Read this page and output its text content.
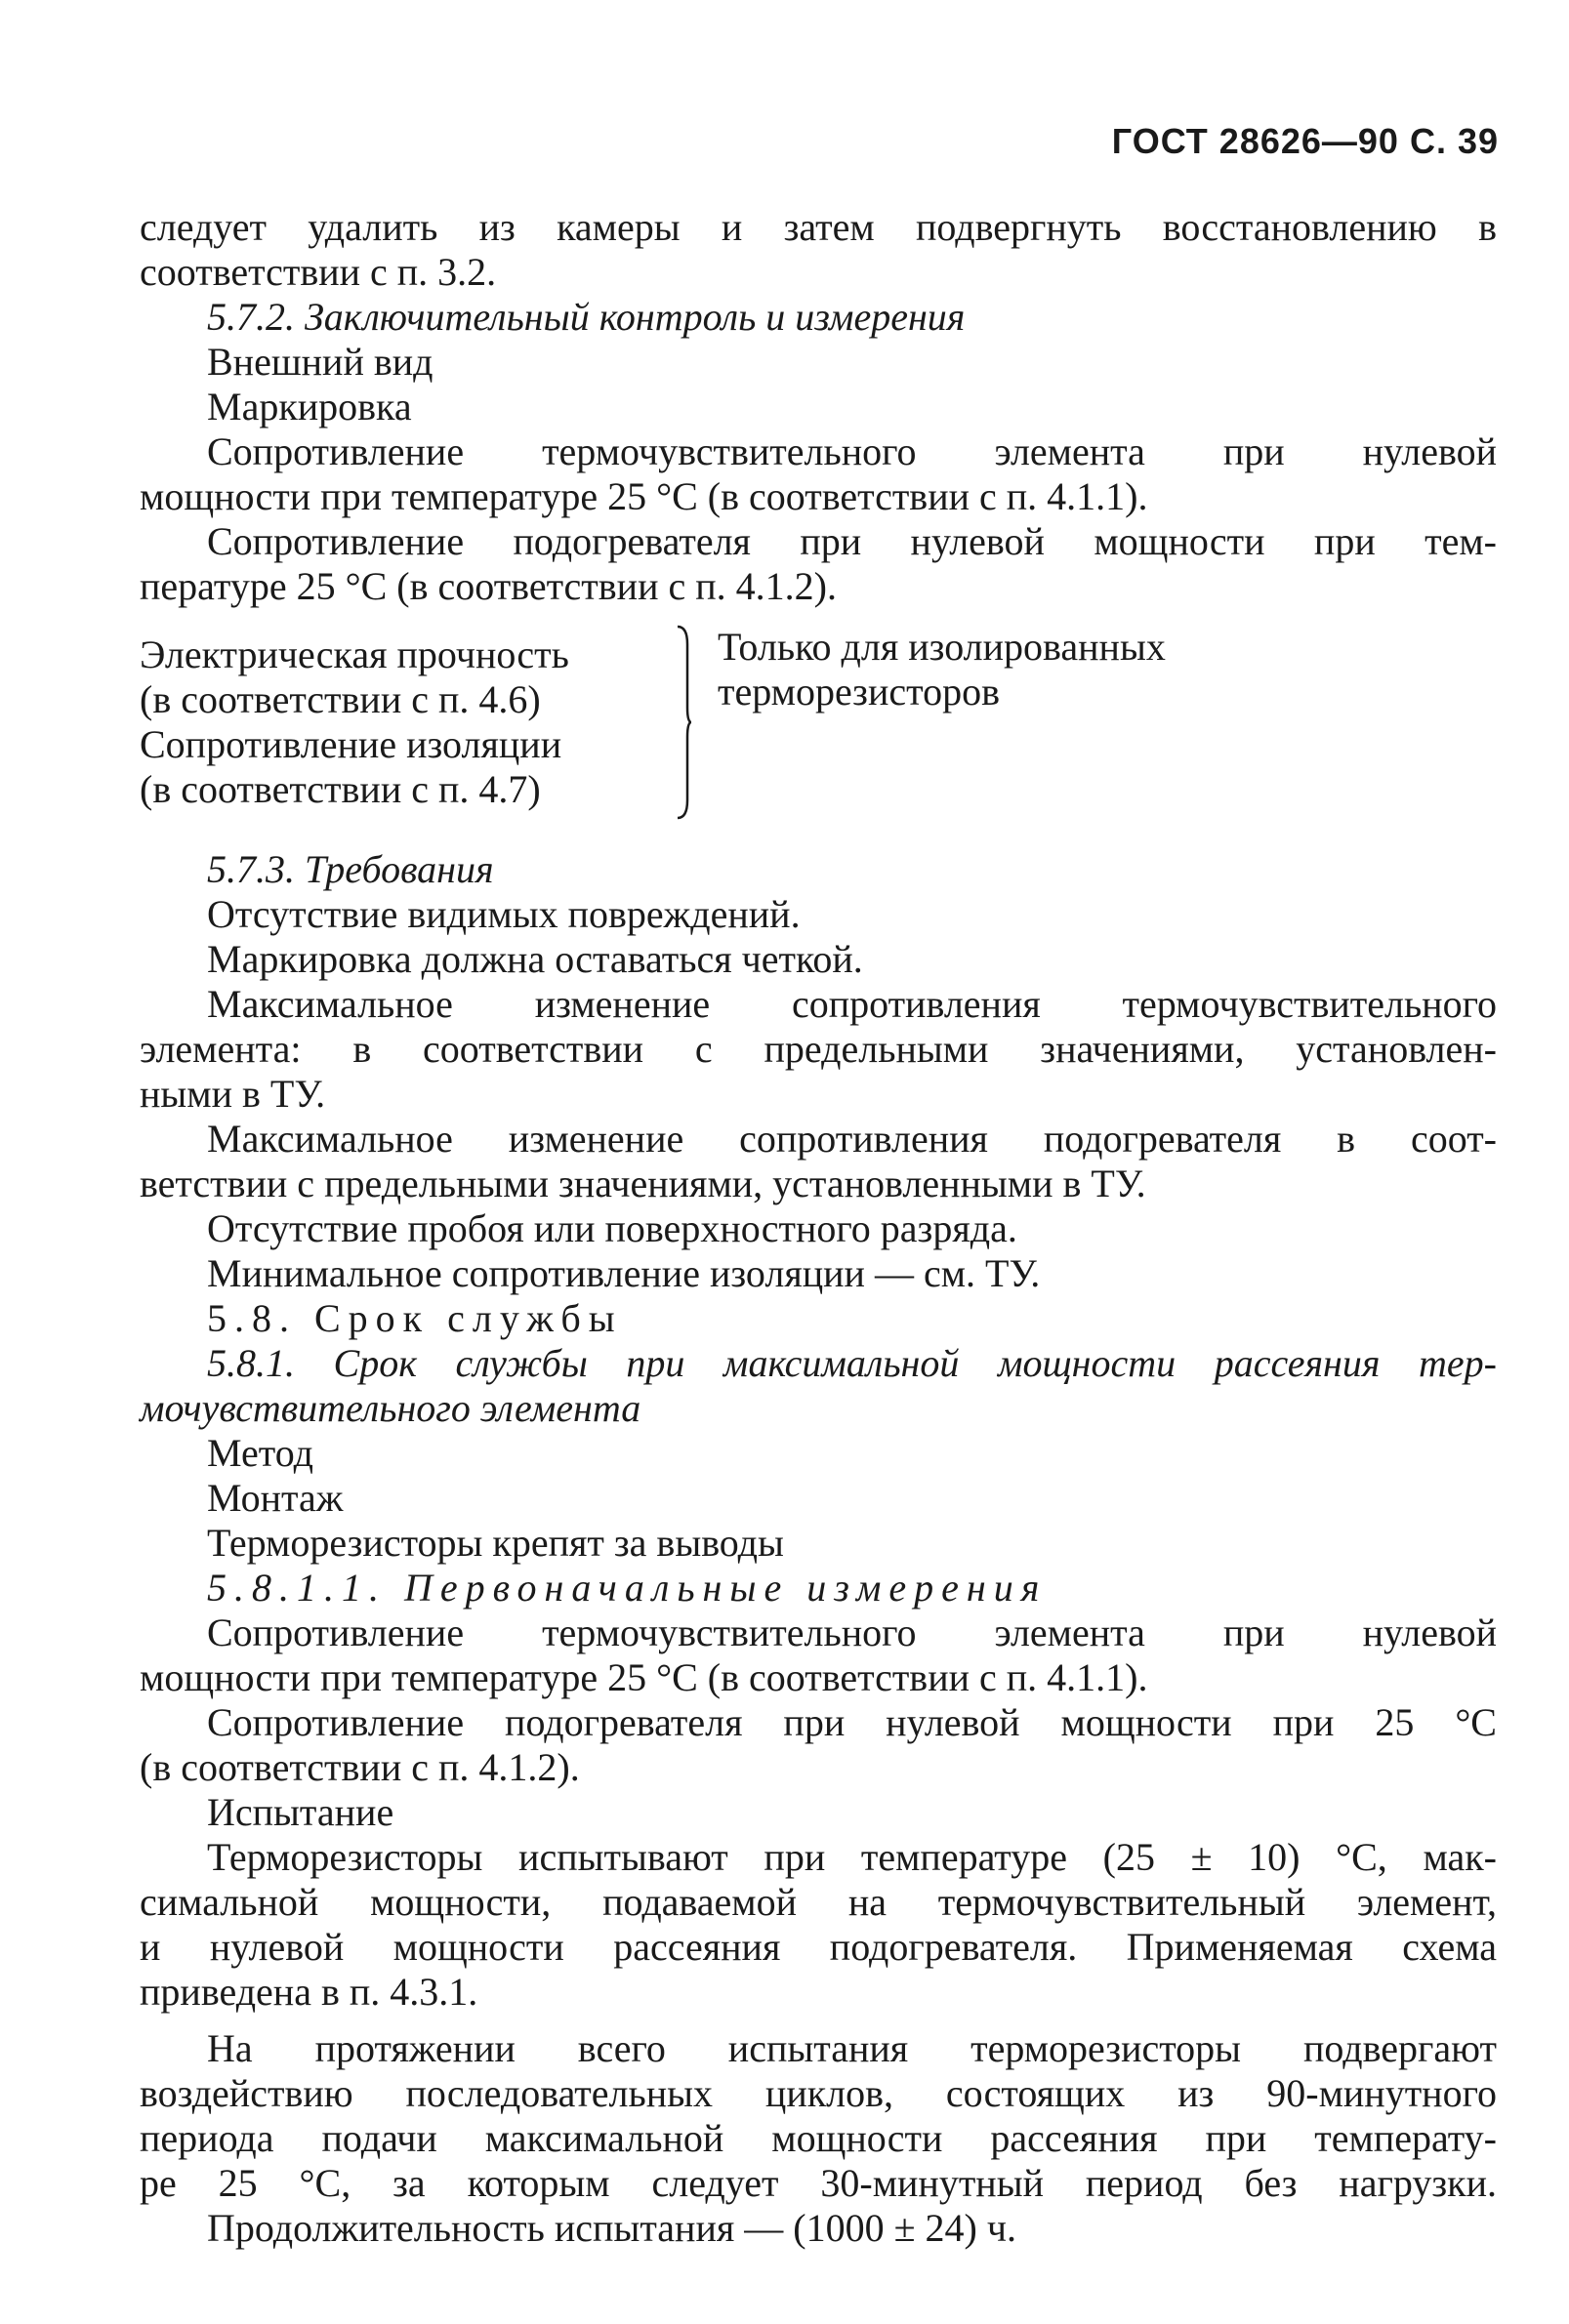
ГОСТ 28626—90 С. 39
следует удалить из камеры и затем подвергнуть восстановлению в
соответствии с п. 3.2.
5.7.2. Заключительный контроль и измерения
Внешний вид
Маркировка
Сопротивление термочувствительного элемента при нулевой
мощности при температуре 25 °С (в соответствии с п. 4.1.1).
Сопротивление подогревателя при нулевой мощности при тем-
пературе 25 °С (в соответствии с п. 4.1.2).
Электрическая прочность
(в соответствии с п. 4.6)
Сопротивление изоляции
(в соответствии с п. 4.7)
Только для изолированных
терморезисторов
5.7.3. Требования
Отсутствие видимых повреждений.
Маркировка должна оставаться четкой.
Максимальное изменение сопротивления термочувствительного
элемента: в соответствии с предельными значениями, установлен-
ными в ТУ.
Максимальное изменение сопротивления подогревателя в соот-
ветствии с предельными значениями, установленными в ТУ.
Отсутствие пробоя или поверхностного разряда.
Минимальное сопротивление изоляции — см. ТУ.
5.8. Срок службы
5.8.1. Срок службы при максимальной мощности рассеяния тер-
мочувствительного элемента
Метод
Монтаж
Терморезисторы крепят за выводы
5.8.1.1. Первоначальные измерения
Сопротивление термочувствительного элемента при нулевой
мощности при температуре 25 °С (в соответствии с п. 4.1.1).
Сопротивление подогревателя при нулевой мощности при 25 °С
(в соответствии с п. 4.1.2).
Испытание
Терморезисторы испытывают при температуре (25 ± 10) °С, мак-
симальной мощности, подаваемой на термочувствительный элемент,
и нулевой мощности рассеяния подогревателя. Применяемая схема
приведена в п. 4.3.1.
На протяжении всего испытания терморезисторы подвергают
воздействию последовательных циклов, состоящих из 90-минутного
периода подачи максимальной мощности рассеяния при температу-
ре 25 °С, за которым следует 30-минутный период без нагрузки.
Продолжительность испытания — (1000 ± 24) ч.
